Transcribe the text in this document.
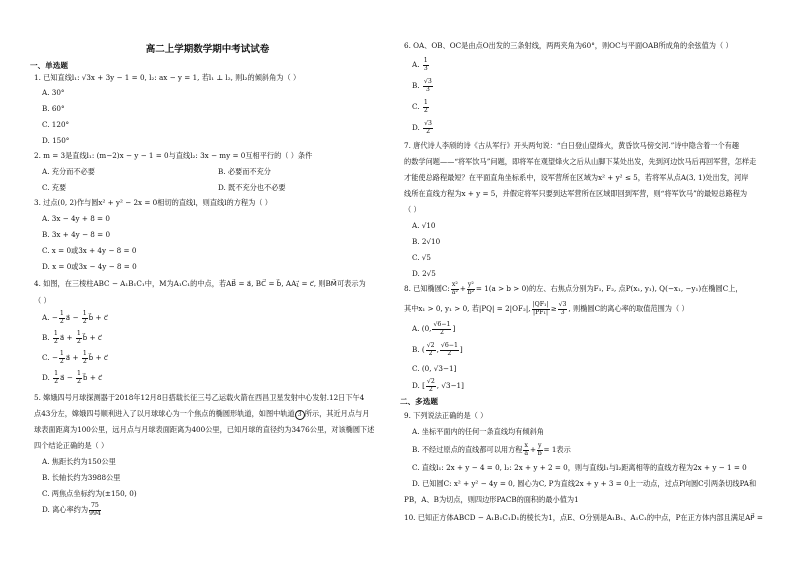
高二上学期数学期中考试试卷
一、单选题
1. 已知直线l₁: √3x + 3y − 1 = 0, l₂: ax − y = 1, 若l₁ ⊥ l₂, 则l₂的倾斜角为（ ）
A. 30°
B. 60°
C. 120°
D. 150°
2. m = 3是直线l₁: (m−2)x − y − 1 = 0与直线l₂: 3x − my = 0互相平行的（ ）条件
A. 充分而不必要	B. 必要而不充分
C. 充要	D. 既不充分也不必要
3. 过点(0, 2)作与圆x² + y² − 2x = 0相切的直线l，则直线l的方程为（ ）
A. 3x − 4y + 8 = 0
B. 3x + 4y − 8 = 0
C. x = 0或3x + 4y − 8 = 0
D. x = 0或3x − 4y − 8 = 0
4. 如图，在三棱柱ABC − A₁B₁C₁中，M为A₁C₁的中点，若AB⃗ = a⃗, BC⃗ = b⃗, AA₁⃗ = c⃗, 则BM⃗可表示为
（ ）
A. − $\frac{1}{2}$ a⃗ − $\frac{1}{2}$ b⃗ + c⃗
B. $\frac{1}{2}$ a⃗ + $\frac{1}{2}$ b⃗ + c⃗
C. − $\frac{1}{2}$ a⃗ + $\frac{1}{2}$ b⃗ + c⃗
D. $\frac{1}{2}$ a⃗ − $\frac{1}{2}$ b⃗ + c⃗
5. 嫦娥四号月球探测器于2018年12月8日搭载长征三号乙运载火箭在西昌卫星发射中心发射.12日下午4
点43分左，嫦娥四号顺利进入了以月球球心为一个焦点的椭圆形轨道，如图中轨道 3 所示，其近月点与月
球表面距离为100公里，远月点与月球表面距离为400公里，已知月球的直径约为3476公里，对该椭圆下述
四个结论正确的是（ ）
A. 焦距长约为150公里
B. 长轴长约为3988公里
C. 两焦点坐标约为(±150, 0)
D. 离心率约为 $\frac{75}{994}$
6. OA、OB、OC是由点O出发的三条射线，两两夹角为60°，则OC与平面OAB所成角的余弦值为（ ）
A. $\frac{1}{3}$
B. $\frac{√3}{3}$
C. $\frac{1}{2}$
D. $\frac{√3}{2}$
7. 唐代诗人李颀的诗《古从军行》开头两句说：“白日登山望烽火，黄昏饮马傍交河.”诗中隐含着一个有趣
的数学问题——“将军饮马”问题，即将军在观望烽火之后从山脚下某处出发，先到河边饮马后再回军营，怎样走
才能使总路程最短？在平面直角坐标系中，设军营所在区域为x² + y² ≤ 5，若将军从点A(3, 1)处出发，河岸
线所在直线方程为x + y = 5，并假定将军只要到达军营所在区域即回到军营，则“将军饮马”的最短总路程为
（ ）
A. √10
B. 2√10
C. √5
D. 2√5
8. 已知椭圆C: $\frac{\text{x²}}{\text{a²}} + \frac{\text{y²}}{\text{b²}} = 1(a > b > 0)$的左、右焦点分别为F₁, F₂, 点P(x₁, y₁), Q(−x₁, −y₁)在椭圆C上，
其中x₁ > 0, y₁ > 0, 若|PQ| = 2|OF₂|, $\frac{\text{|QF₁|}}{\text{|PF₁|}} \ge \frac{√3}{3}$ , 则椭圆C的离心率的取值范围为（ ）
A. (0, $\frac{√6-1}{2}$ ]
B. ( $\frac{√2}{2}$ , $\frac{√6-1}{2}$ ]
C. (0, √3−1]
D. [ $\frac{√2}{2}$ , √3−1]
二、多选题
9. 下列说法正确的是（ ）
A. 坐标平面内的任何一条直线均有倾斜角
B. 不经过原点的直线都可以用方程 $\frac{x}{a} + \frac{y}{b} = 1$表示
C. 直线l₁: 2x + y − 4 = 0, l₂: 2x + y + 2 = 0，则与直线l₁与l₂距离相等的直线方程为2x + y − 1 = 0
D. 已知圆C: x² + y² − 4y = 0, 圆心为C, P为直线2x + y + 3 = 0上一动点，过点P向圆C引两条切线PA和
PB，A、B为切点，则四边形PACB的面积的最小值为1
10. 已知正方体ABCD − A₁B₁C₁D₁的棱长为1，点E、O分别是A₁B₁、A₁C₁的中点，P在正方体内部且满足AP⃗ =
